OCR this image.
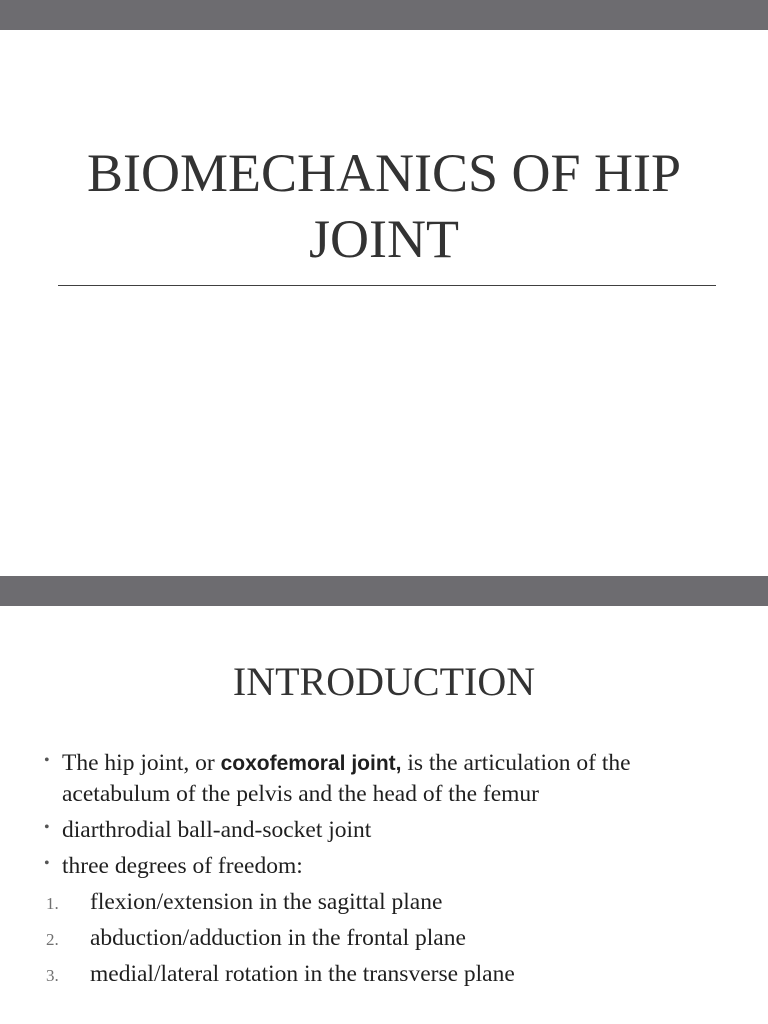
BIOMECHANICS OF HIP
JOINT
INTRODUCTION
• The hip joint, or coxofemoral joint, is the articulation of the acetabulum of the pelvis and the head of the femur
• diarthrodial ball-and-socket joint
• three degrees of freedom:
1. flexion/extension in the sagittal plane
2. abduction/adduction in the frontal plane
3. medial/lateral rotation in the transverse plane
